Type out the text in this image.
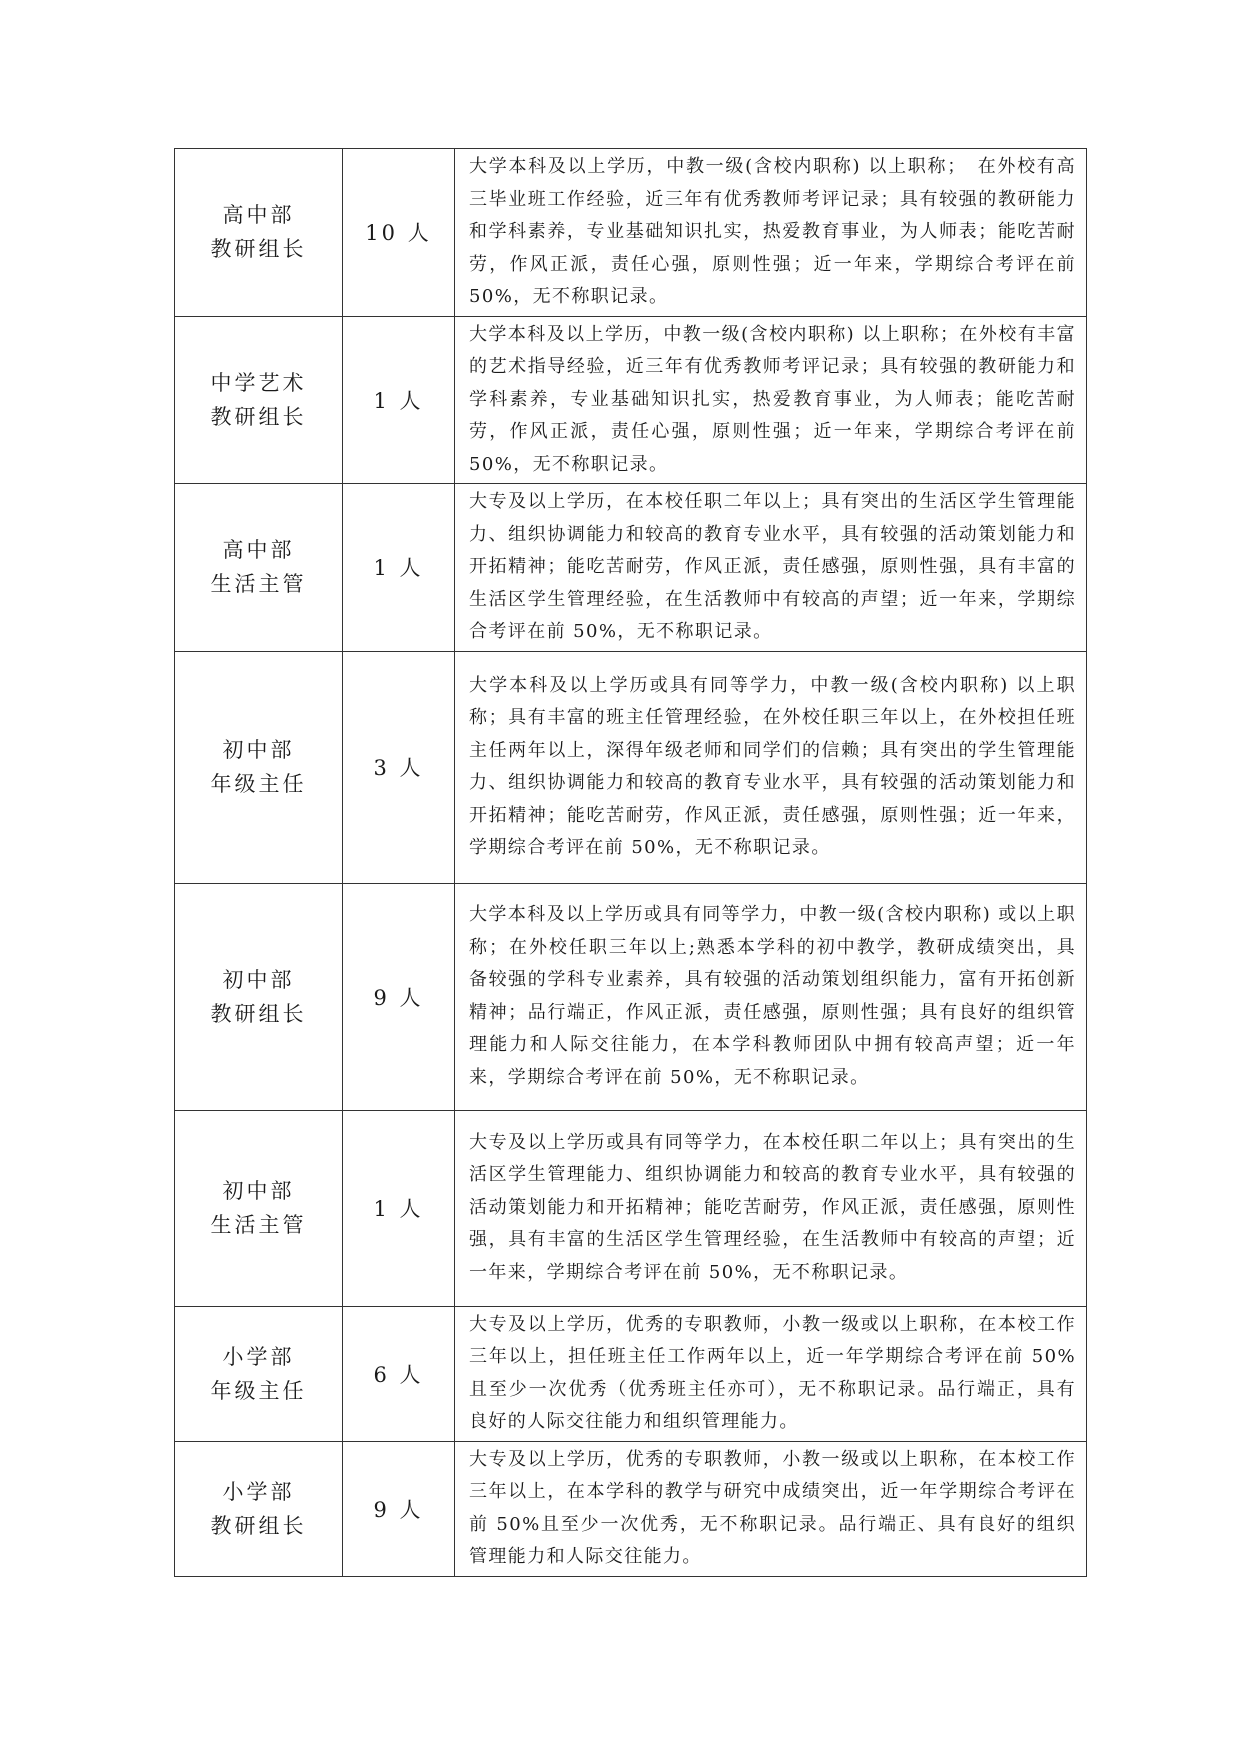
高中部
教研组长	10 人	大学本科及以上学历，中教一级(含校内职称) 以上职称；　在外校有高三毕业班工作经验，近三年有优秀教师考评记录；具有较强的教研能力和学科素养，专业基础知识扎实，热爱教育事业，为人师表；能吃苦耐劳，作风正派，责任心强，原则性强；近一年来，学期综合考评在前 50%，无不称职记录。

中学艺术
教研组长	1 人	大学本科及以上学历，中教一级(含校内职称) 以上职称；在外校有丰富的艺术指导经验，近三年有优秀教师考评记录；具有较强的教研能力和学科素养，专业基础知识扎实，热爱教育事业，为人师表；能吃苦耐劳，作风正派，责任心强，原则性强；近一年来，学期综合考评在前 50%，无不称职记录。

高中部
生活主管	1 人	大专及以上学历，在本校任职二年以上；具有突出的生活区学生管理能力、组织协调能力和较高的教育专业水平，具有较强的活动策划能力和开拓精神；能吃苦耐劳，作风正派，责任感强，原则性强，具有丰富的生活区学生管理经验，在生活教师中有较高的声望；近一年来，学期综合考评在前 50%，无不称职记录。

初中部
年级主任	3 人	大学本科及以上学历或具有同等学力，中教一级(含校内职称) 以上职称；具有丰富的班主任管理经验，在外校任职三年以上，在外校担任班主任两年以上，深得年级老师和同学们的信赖；具有突出的学生管理能力、组织协调能力和较高的教育专业水平，具有较强的活动策划能力和开拓精神；能吃苦耐劳，作风正派，责任感强，原则性强；近一年来，学期综合考评在前 50%，无不称职记录。

初中部
教研组长	9 人	大学本科及以上学历或具有同等学力，中教一级(含校内职称) 或以上职称；在外校任职三年以上;熟悉本学科的初中教学，教研成绩突出，具备较强的学科专业素养，具有较强的活动策划组织能力，富有开拓创新精神；品行端正，作风正派，责任感强，原则性强；具有良好的组织管理能力和人际交往能力，在本学科教师团队中拥有较高声望；近一年来，学期综合考评在前 50%，无不称职记录。

初中部
生活主管	1 人	大专及以上学历或具有同等学力，在本校任职二年以上；具有突出的生活区学生管理能力、组织协调能力和较高的教育专业水平，具有较强的活动策划能力和开拓精神；能吃苦耐劳，作风正派，责任感强，原则性强，具有丰富的生活区学生管理经验，在生活教师中有较高的声望；近一年来，学期综合考评在前 50%，无不称职记录。

小学部
年级主任	6 人	大专及以上学历，优秀的专职教师，小教一级或以上职称，在本校工作三年以上，担任班主任工作两年以上，近一年学期综合考评在前 50%且至少一次优秀（优秀班主任亦可），无不称职记录。品行端正，具有良好的人际交往能力和组织管理能力。

小学部
教研组长	9 人	大专及以上学历，优秀的专职教师，小教一级或以上职称，在本校工作三年以上，在本学科的教学与研究中成绩突出，近一年学期综合考评在前 50%且至少一次优秀，无不称职记录。品行端正、具有良好的组织管理能力和人际交往能力。
